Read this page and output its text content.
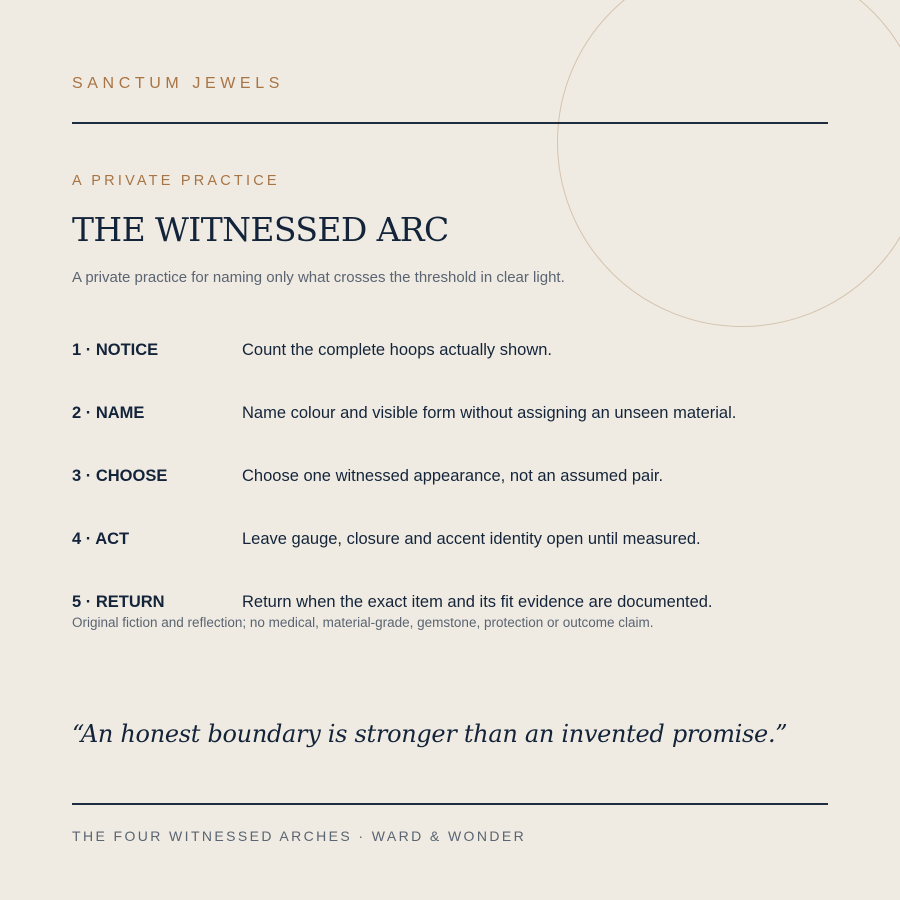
SANCTUM JEWELS
A PRIVATE PRACTICE
THE WITNESSED ARC
A private practice for naming only what crosses the threshold in clear light.
1 · NOTICE	Count the complete hoops actually shown.
2 · NAME	Name colour and visible form without assigning an unseen material.
3 · CHOOSE	Choose one witnessed appearance, not an assumed pair.
4 · ACT	Leave gauge, closure and accent identity open until measured.
5 · RETURN	Return when the exact item and its fit evidence are documented.
Original fiction and reflection; no medical, material-grade, gemstone, protection or outcome claim.
“An honest boundary is stronger than an invented promise.”
THE FOUR WITNESSED ARCHES · WARD & WONDER
